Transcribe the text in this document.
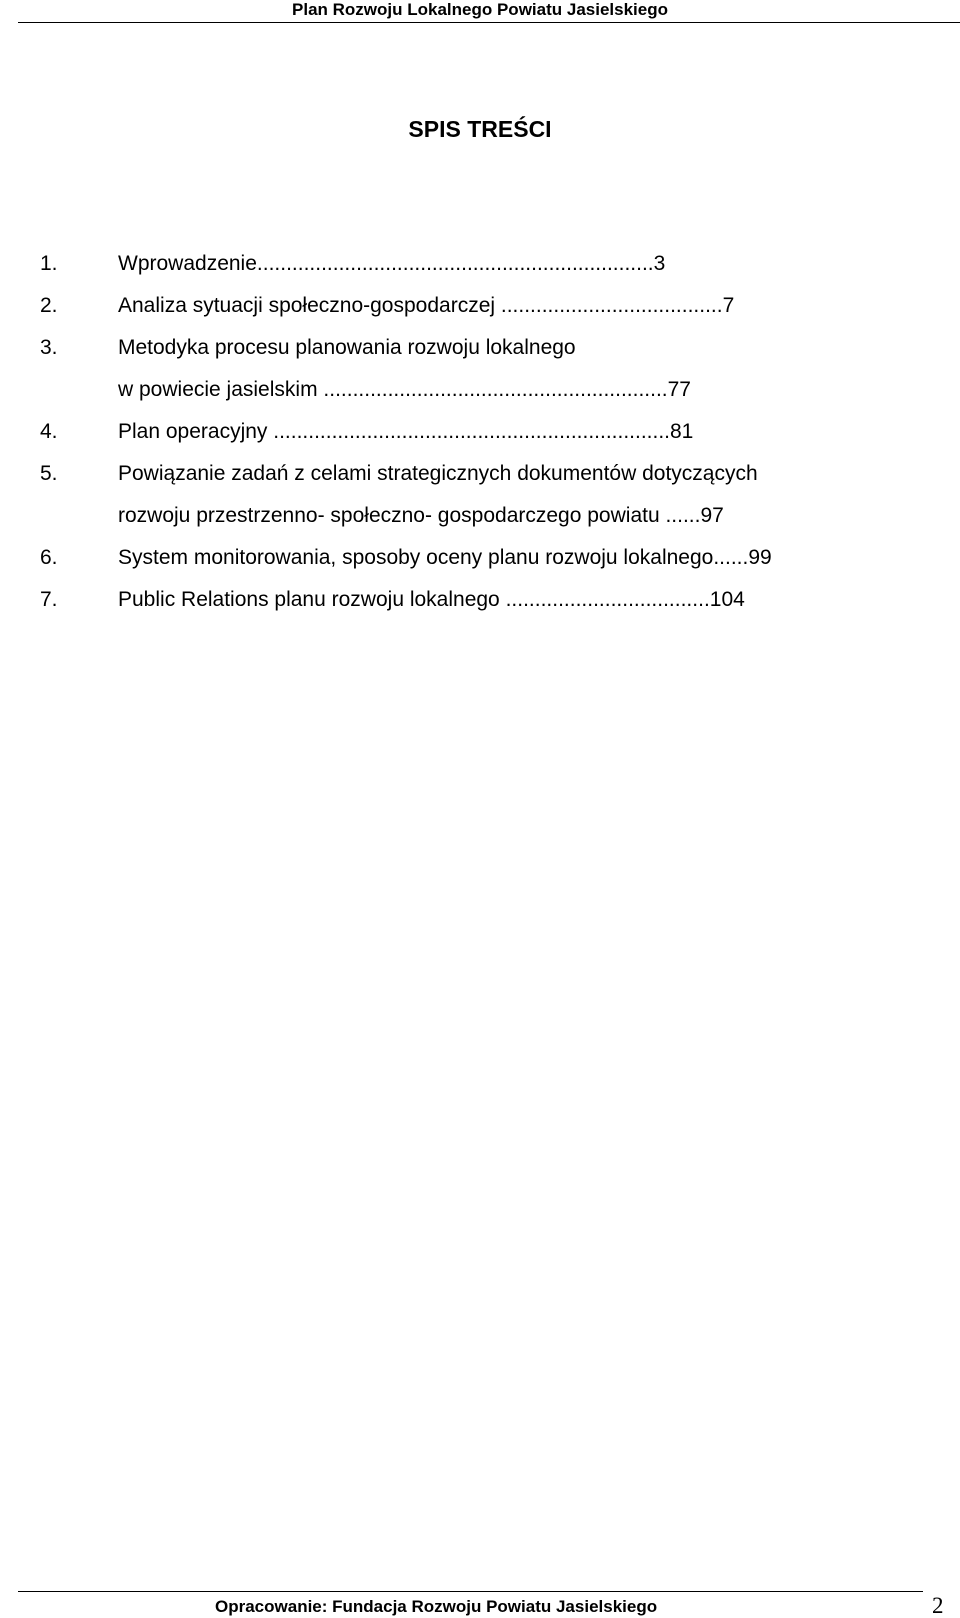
Plan Rozwoju Lokalnego Powiatu Jasielskiego
SPIS TREŚCI
1.	Wprowadzenie....................................................................3
2.	Analiza sytuacji społeczno-gospodarczej ......................................7
3.	Metodyka procesu planowania rozwoju lokalnego
w powiecie jasielskim ...........................................................77
4.	Plan operacyjny ....................................................................81
5.	Powiązanie zadań z celami strategicznych dokumentów dotyczących
rozwoju przestrzenno- społeczno- gospodarczego powiatu ......97
6.	System monitorowania, sposoby oceny planu rozwoju lokalnego......99
7.	Public Relations planu rozwoju lokalnego ...................................104
Opracowanie: Fundacja Rozwoju Powiatu Jasielskiego	2
